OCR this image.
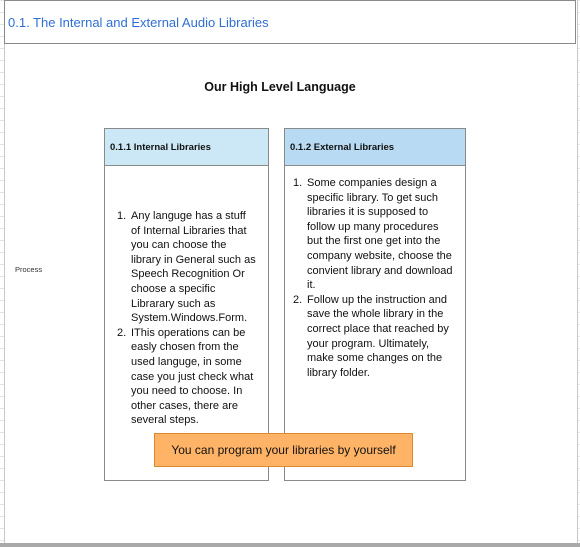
0.1. The Internal and External Audio Libraries
Our High Level Language
Process
0.1.1 Internal Libraries
1. Any languge has a stuff of Internal Libraries that you can choose the library in General such as Speech Recognition Or choose a specific Librarary such as System.Windows.Form.
2. IThis operations can be easly chosen from the used languge, in some case you just check what you need to choose. In other cases, there are several steps.
0.1.2 External Libraries
1. Some companies design a specific library. To get such libraries it is supposed to follow up many procedures but the first one get into the company website, choose the convient library and download it.
2. Follow up the instruction and save the whole library in the correct place that reached by your program. Ultimately, make some changes on the library folder.
You can program your libraries by yourself
